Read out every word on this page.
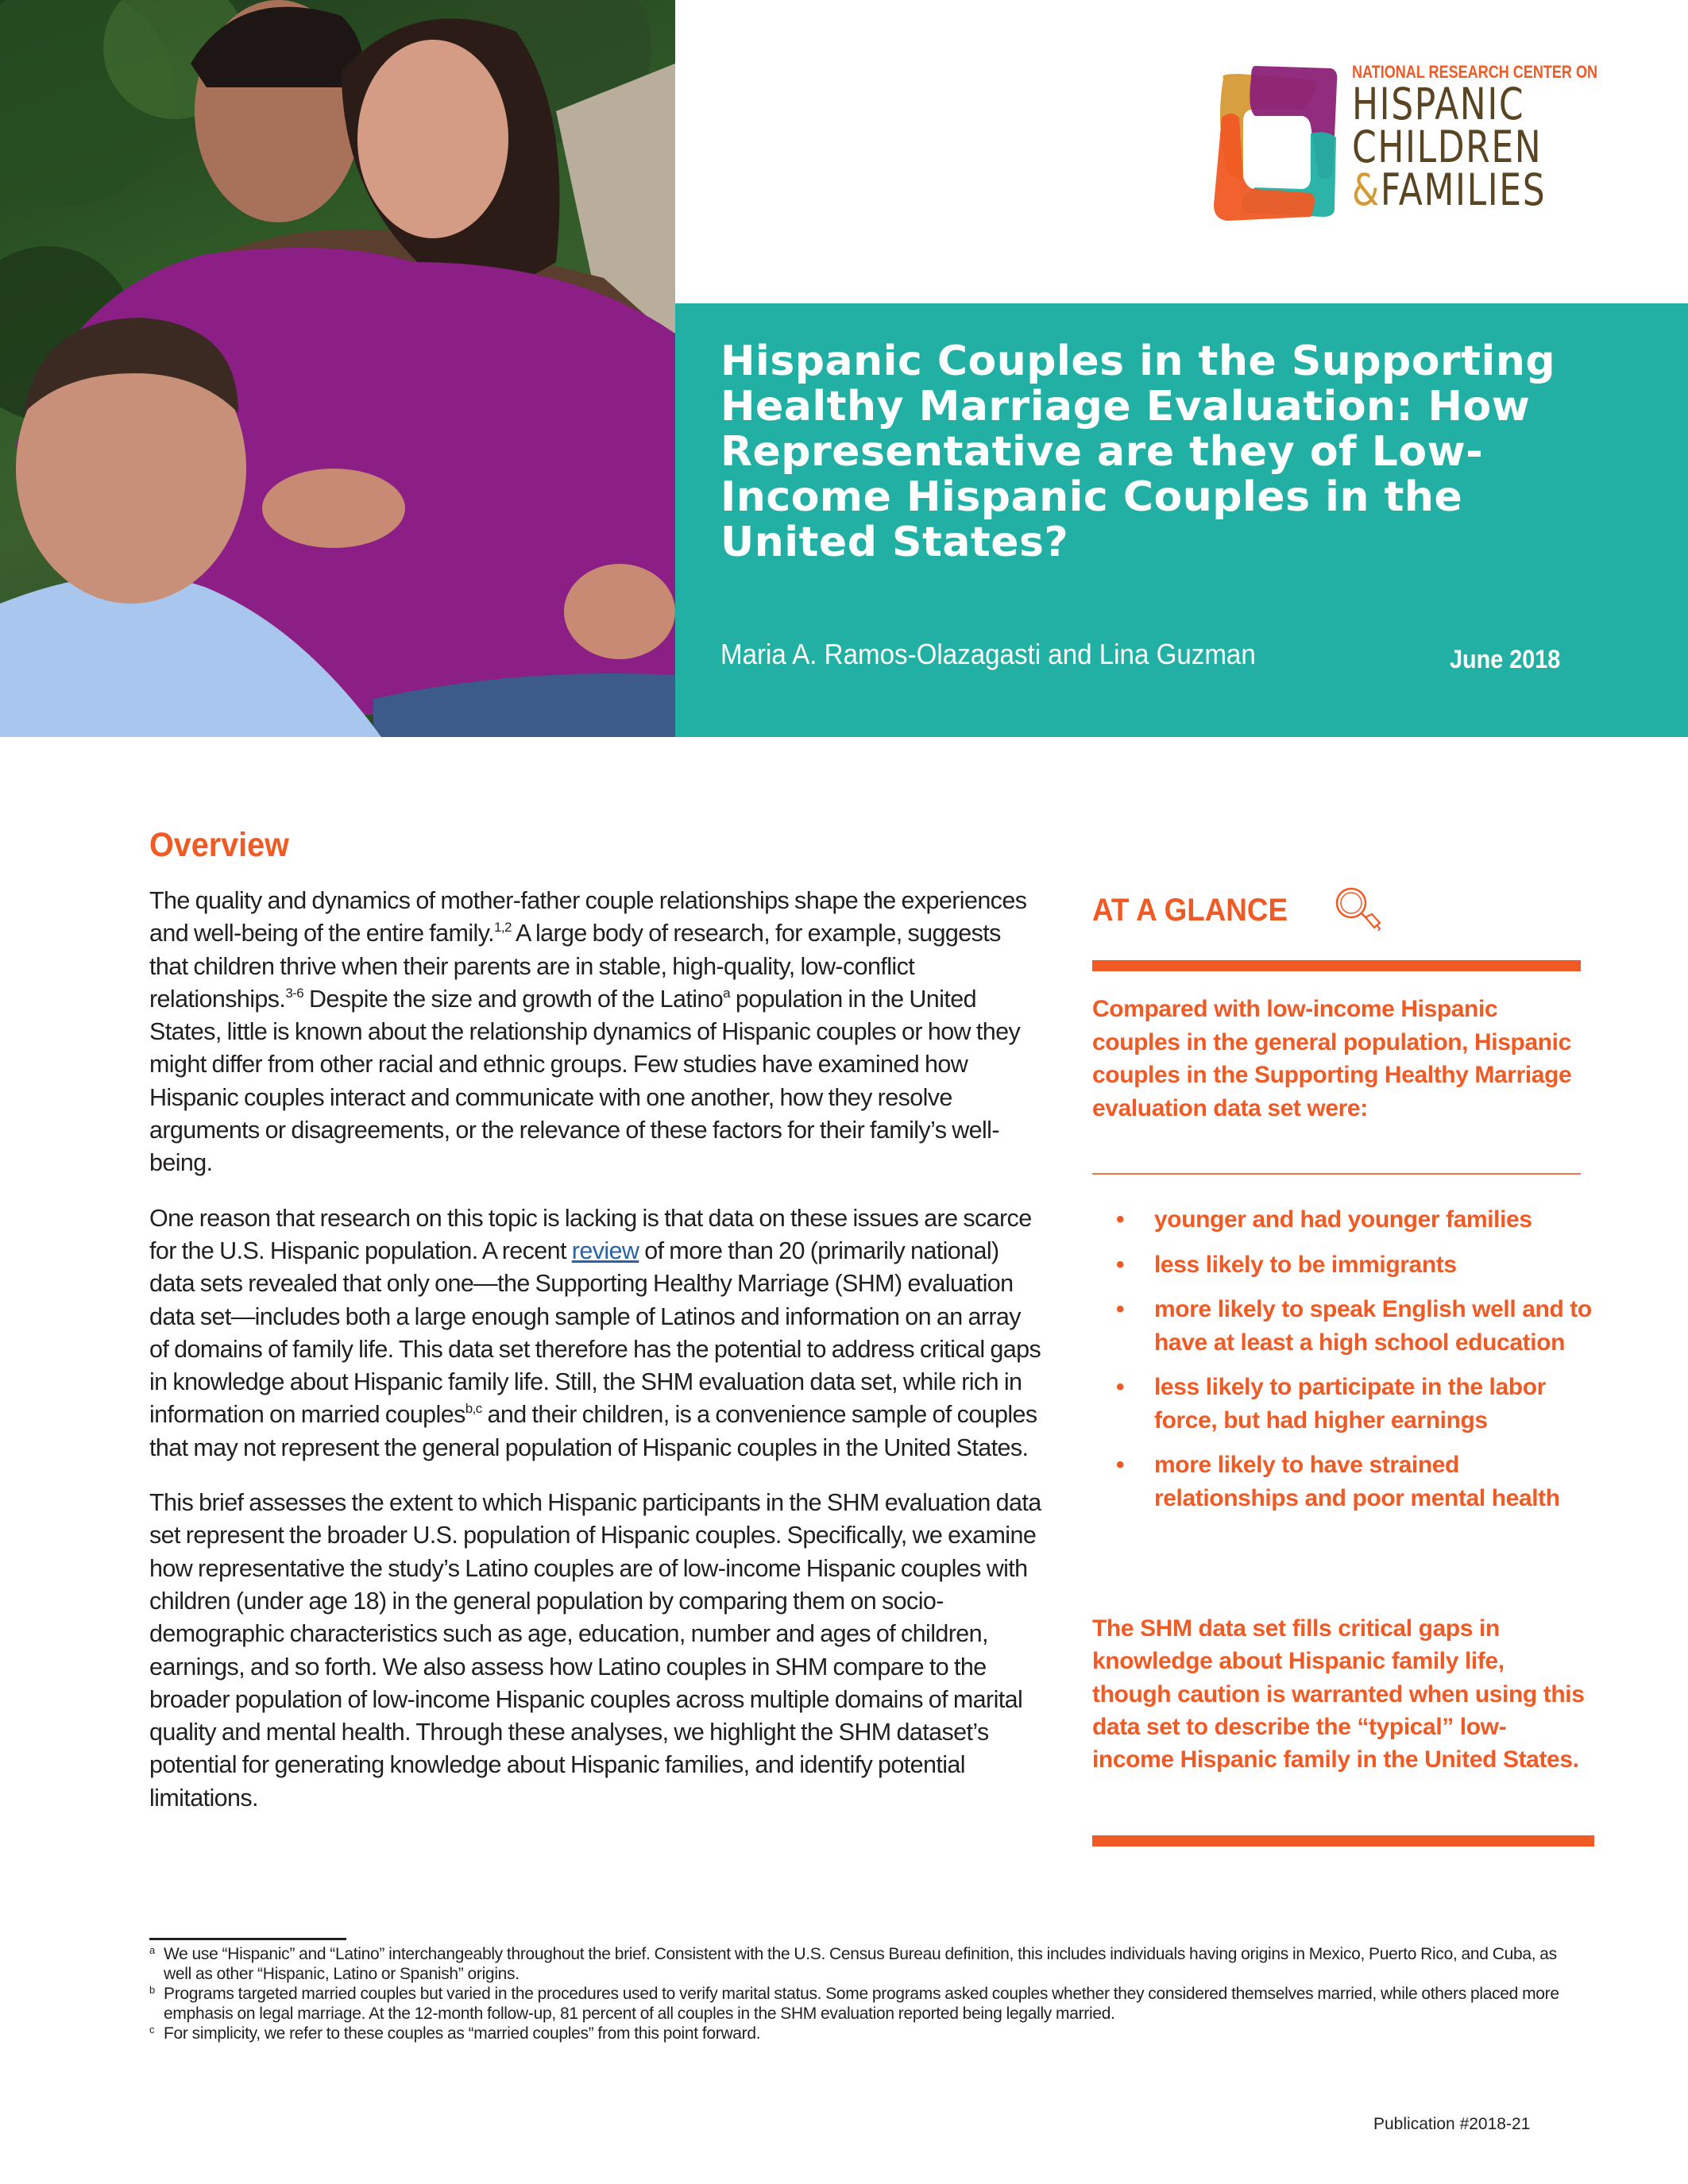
NATIONAL RESEARCH CENTER ON
HISPANIC
CHILDREN
&FAMILIES
Hispanic Couples in the Supporting Healthy Marriage Evaluation: How Representative are they of Low-Income Hispanic Couples in the United States?
Maria A. Ramos-Olazagasti and Lina Guzman	June 2018
Overview

The quality and dynamics of mother-father couple relationships shape the experiences and well-being of the entire family.$^{1,2}$ A large body of research, for example, suggests that children thrive when their parents are in stable, high-quality, low-conflict relationships.$^{3-6}$ Despite the size and growth of the Latino$^a$ population in the United States, little is known about the relationship dynamics of Hispanic couples or how they might differ from other racial and ethnic groups. Few studies have examined how Hispanic couples interact and communicate with one another, how they resolve arguments or disagreements, or the relevance of these factors for their family’s well-being.

One reason that research on this topic is lacking is that data on these issues are scarce for the U.S. Hispanic population. A recent review of more than 20 (primarily national) data sets revealed that only one—the Supporting Healthy Marriage (SHM) evaluation data set—includes both a large enough sample of Latinos and information on an array of domains of family life. This data set therefore has the potential to address critical gaps in knowledge about Hispanic family life. Still, the SHM evaluation data set, while rich in information on married couples$^{b,c}$ and their children, is a convenience sample of couples that may not represent the general population of Hispanic couples in the United States.

This brief assesses the extent to which Hispanic participants in the SHM evaluation data set represent the broader U.S. population of Hispanic couples. Specifically, we examine how representative the study’s Latino couples are of low-income Hispanic couples with children (under age 18) in the general population by comparing them on socio-demographic characteristics such as age, education, number and ages of children, earnings, and so forth. We also assess how Latino couples in SHM compare to the broader population of low-income Hispanic couples across multiple domains of marital quality and mental health. Through these analyses, we highlight the SHM dataset’s potential for generating knowledge about Hispanic families, and identify potential limitations.

AT A GLANCE

Compared with low-income Hispanic couples in the general population, Hispanic couples in the Supporting Healthy Marriage evaluation data set were:

• younger and had younger families
• less likely to be immigrants
• more likely to speak English well and to have at least a high school education
• less likely to participate in the labor force, but had higher earnings
• more likely to have strained relationships and poor mental health

The SHM data set fills critical gaps in knowledge about Hispanic family life, though caution is warranted when using this data set to describe the “typical” low-income Hispanic family in the United States.

a We use “Hispanic” and “Latino” interchangeably throughout the brief. Consistent with the U.S. Census Bureau definition, this includes individuals having origins in Mexico, Puerto Rico, and Cuba, as well as other “Hispanic, Latino or Spanish” origins.
b Programs targeted married couples but varied in the procedures used to verify marital status. Some programs asked couples whether they considered themselves married, while others placed more emphasis on legal marriage. At the 12-month follow-up, 81 percent of all couples in the SHM evaluation reported being legally married.
c For simplicity, we refer to these couples as “married couples” from this point forward.
Publication #2018-21
